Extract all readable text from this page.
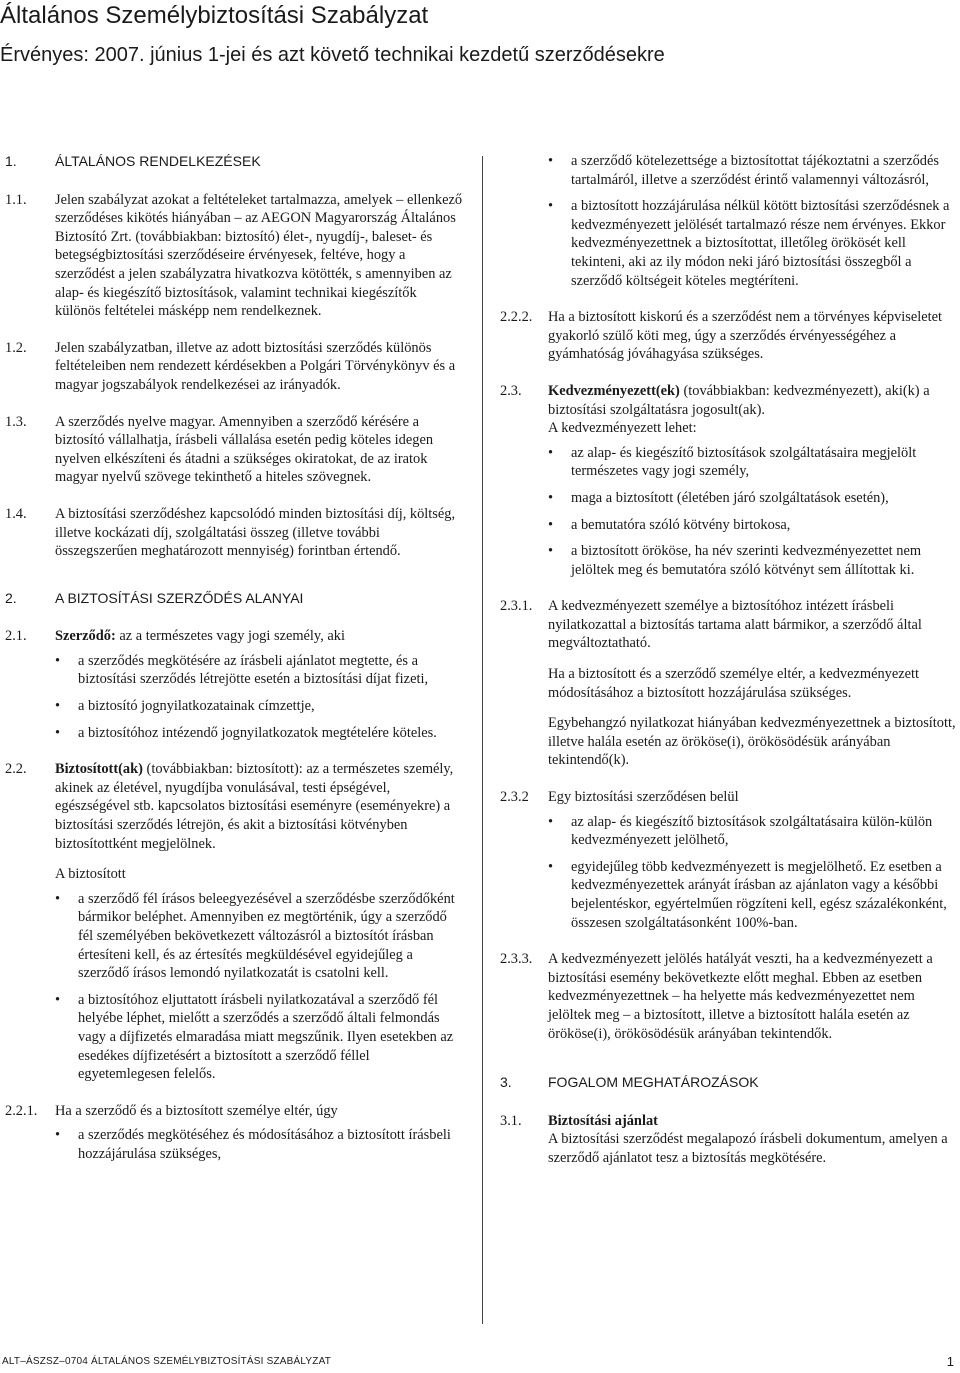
Általános Személybiztosítási Szabályzat
Érvényes: 2007. június 1-jei és azt követő technikai kezdetű szerződésekre
1.	ÁLTALÁNOS RENDELKEZÉSEK
1.1.	Jelen szabályzat azokat a feltételeket tartalmazza, amelyek – ellenkező szerződéses kikötés hiányában – az AEGON Magyarország Általános Biztosító Zrt. (továbbiakban: biztosító) élet-, nyugdíj-, baleset- és betegségbiztosítási szerződéseire érvényesek, feltéve, hogy a szerződést a jelen szabályzatra hivatkozva kötötték, s amennyiben az alap- és kiegészítő biztosítások, valamint technikai kiegészítők különös feltételei másképp nem rendelkeznek.

1.2.	Jelen szabályzatban, illetve az adott biztosítási szerződés különös feltételeiben nem rendezett kérdésekben a Polgári Törvénykönyv és a magyar jogszabályok rendelkezései az irányadók.

1.3.	A szerződés nyelve magyar. Amennyiben a szerződő kérésére a biztosító vállalhatja, írásbeli vállalása esetén pedig köteles idegen nyelven elkészíteni és átadni a szükséges okiratokat, de az iratok magyar nyelvű szövege tekinthető a hiteles szövegnek.

1.4.	A biztosítási szerződéshez kapcsolódó minden biztosítási díj, költség, illetve kockázati díj, szolgáltatási összeg (illetve további összegszerűen meghatározott mennyiség) forintban értendő.

2.	A BIZTOSÍTÁSI SZERZŐDÉS ALANYAI
2.1.	Szerződő: az a természetes vagy jogi személy, aki
• a szerződés megkötésére az írásbeli ajánlatot megtette, és a biztosítási szerződés létrejötte esetén a biztosítási díjat fizeti,
• a biztosító jognyilatkozatainak címzettje,
• a biztosítóhoz intézendő jognyilatkozatok megtételére köteles.
2.2.	Biztosított(ak) (továbbiakban: biztosított): az a természetes személy, akinek az életével, nyugdíjba vonulásával, testi épségével, egészségével stb. kapcsolatos biztosítási eseményre (eseményekre) a biztosítási szerződés létrejön, és akit a biztosítási kötvényben biztosítottként megjelölnek.

A biztosított

• a szerződő fél írásos beleegyezésével a szerződésbe szerződőként bármikor beléphet. Amennyiben ez megtörténik, úgy a szerződő fél személyében bekövetkezett változásról a biztosítót írásban értesíteni kell, és az értesítés megküldésével egyidejűleg a szerződő írásos lemondó nyilatkozatát is csatolni kell.
• a biztosítóhoz eljuttatott írásbeli nyilatkozatával a szerződő fél helyébe léphet, mielőtt a szerződés a szerződő általi felmondás vagy a díjfizetés elmaradása miatt megszűnik. Ilyen esetekben az esedékes díjfizetésért a biztosított a szerződő féllel egyetemlegesen felelős.
2.2.1.	Ha a szerződő és a biztosított személye eltér, úgy
• a szerződés megkötéséhez és módosításához a biztosított írásbeli hozzájárulása szükséges,
• a szerződő kötelezettsége a biztosítottat tájékoztatni a szerződés tartalmáról, illetve a szerződést érintő valamennyi változásról,
• a biztosított hozzájárulása nélkül kötött biztosítási szerződésnek a kedvezményezett jelölését tartalmazó része nem érvényes. Ekkor kedvezményezettnek a biztosítottat, illetőleg örökösét kell tekinteni, aki az ily módon neki járó biztosítási összegből a szerződő költségeit köteles megtéríteni.
2.2.2.	Ha a biztosított kiskorú és a szerződést nem a törvényes képviseletet gyakorló szülő köti meg, úgy a szerződés érvényességéhez a gyámhatóság jóváhagyása szükséges.

2.3.	Kedvezményezett(ek) (továbbiakban: kedvezményezett), aki(k) a biztosítási szolgáltatásra jogosult(ak).
A kedvezményezett lehet:
• az alap- és kiegészítő biztosítások szolgáltatásaira megjelölt természetes vagy jogi személy,
• maga a biztosított (életében járó szolgáltatások esetén),
• a bemutatóra szóló kötvény birtokosa,
• a biztosított örököse, ha név szerinti kedvezményezettet nem jelöltek meg és bemutatóra szóló kötvényt sem állítottak ki.
2.3.1.	A kedvezményezett személye a biztosítóhoz intézett írásbeli nyilatkozattal a biztosítás tartama alatt bármikor, a szerződő által megváltoztatható.

Ha a biztosított és a szerződő személye eltér, a kedvezményezett módosításához a biztosított hozzájárulása szükséges.

Egybehangzó nyilatkozat hiányában kedvezményezettnek a biztosított, illetve halála esetén az örököse(i), örökösödésük arányában tekintendő(k).

2.3.2	Egy biztosítási szerződésen belül
• az alap- és kiegészítő biztosítások szolgáltatásaira külön-külön kedvezményezett jelölhető,
• egyidejűleg több kedvezményezett is megjelölhető. Ez esetben a kedvezményezettek arányát írásban az ajánlaton vagy a későbbi bejelentéskor, egyértelműen rögzíteni kell, egész százalékonként, összesen szolgáltatásonként 100%-ban.
2.3.3.	A kedvezményezett jelölés hatályát veszti, ha a kedvezményezett a biztosítási esemény bekövetkezte előtt meghal. Ebben az esetben kedvezményezettnek – ha helyette más kedvezményezettet nem jelöltek meg – a biztosított, illetve a biztosított halála esetén az örököse(i), örökösödésük arányában tekintendők.

3.	FOGALOM MEGHATÁROZÁSOK
3.1.	Biztosítási ajánlat
A biztosítási szerződést megalapozó írásbeli dokumentum, amelyen a szerződő ajánlatot tesz a biztosítás megkötésére.
ALT–ÁSZSZ–0704 ÁLTALÁNOS SZEMÉLYBIZTOSÍTÁSI SZABÁLYZAT	1
